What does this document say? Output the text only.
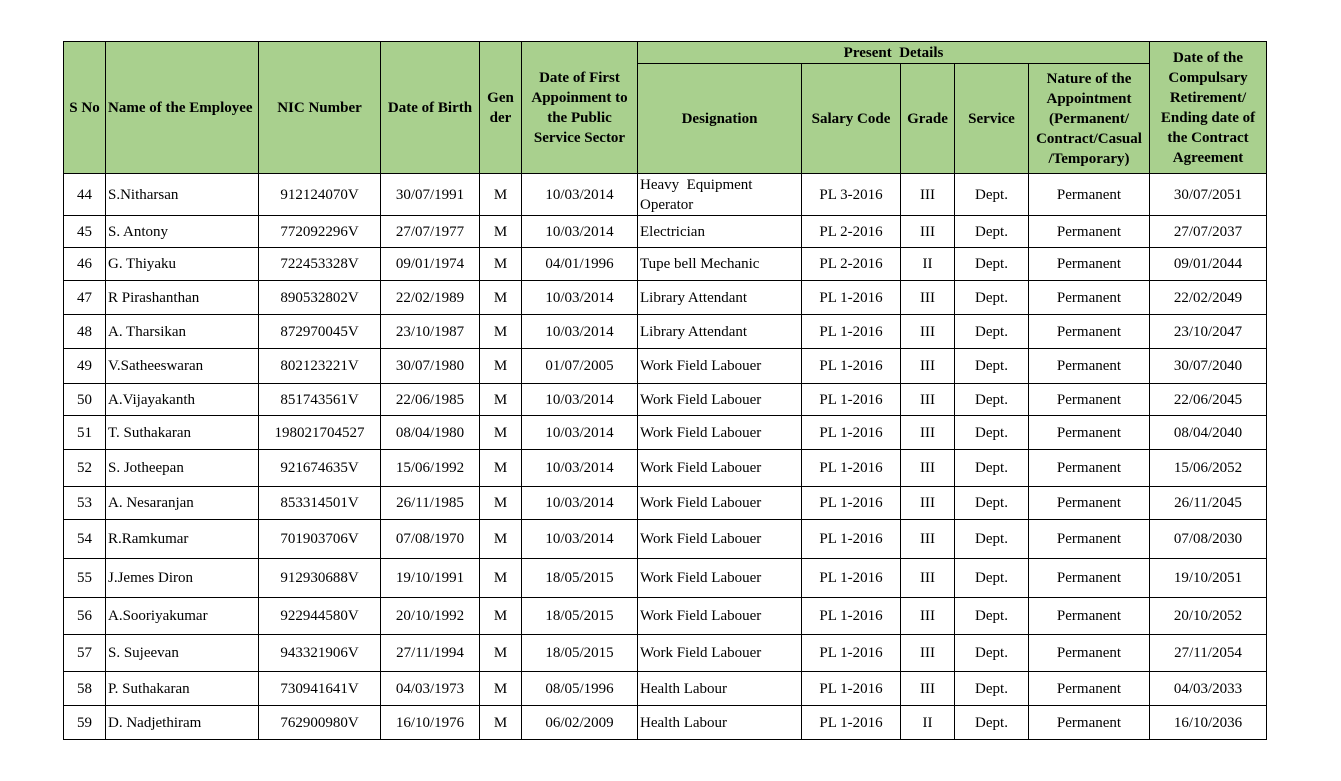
S No	Name of the Employee	NIC Number	Date of Birth	Gen der	Date of First Appoinment to the Public Service Sector	Present  Details					Date of the Compulsary Retirement/ Ending date of the Contract Agreement
						Designation	Salary Code	Grade	Service	Nature of the Appointment (Permanent/ Contract/Casual /Temporary)	
44	S.Nitharsan	912124070V	30/07/1991	M	10/03/2014	Heavy  Equipment Operator	PL 3-2016	III	Dept.	Permanent	30/07/2051
45	S. Antony	772092296V	27/07/1977	M	10/03/2014	Electrician	PL 2-2016	III	Dept.	Permanent	27/07/2037
46	G. Thiyaku	722453328V	09/01/1974	M	04/01/1996	Tupe bell Mechanic	PL 2-2016	II	Dept.	Permanent	09/01/2044
47	R Pirashanthan	890532802V	22/02/1989	M	10/03/2014	Library Attendant	PL 1-2016	III	Dept.	Permanent	22/02/2049
48	A. Tharsikan	872970045V	23/10/1987	M	10/03/2014	Library Attendant	PL 1-2016	III	Dept.	Permanent	23/10/2047
49	V.Satheeswaran	802123221V	30/07/1980	M	01/07/2005	Work Field Labouer	PL 1-2016	III	Dept.	Permanent	30/07/2040
50	A.Vijayakanth	851743561V	22/06/1985	M	10/03/2014	Work Field Labouer	PL 1-2016	III	Dept.	Permanent	22/06/2045
51	T. Suthakaran	198021704527	08/04/1980	M	10/03/2014	Work Field Labouer	PL 1-2016	III	Dept.	Permanent	08/04/2040
52	S. Jotheepan	921674635V	15/06/1992	M	10/03/2014	Work Field Labouer	PL 1-2016	III	Dept.	Permanent	15/06/2052
53	A. Nesaranjan	853314501V	26/11/1985	M	10/03/2014	Work Field Labouer	PL 1-2016	III	Dept.	Permanent	26/11/2045
54	R.Ramkumar	701903706V	07/08/1970	M	10/03/2014	Work Field Labouer	PL 1-2016	III	Dept.	Permanent	07/08/2030
55	J.Jemes Diron	912930688V	19/10/1991	M	18/05/2015	Work Field Labouer	PL 1-2016	III	Dept.	Permanent	19/10/2051
56	A.Sooriyakumar	922944580V	20/10/1992	M	18/05/2015	Work Field Labouer	PL 1-2016	III	Dept.	Permanent	20/10/2052
57	S. Sujeevan	943321906V	27/11/1994	M	18/05/2015	Work Field Labouer	PL 1-2016	III	Dept.	Permanent	27/11/2054
58	P. Suthakaran	730941641V	04/03/1973	M	08/05/1996	Health Labour	PL 1-2016	III	Dept.	Permanent	04/03/2033
59	D. Nadjethiram	762900980V	16/10/1976	M	06/02/2009	Health Labour	PL 1-2016	II	Dept.	Permanent	16/10/2036
